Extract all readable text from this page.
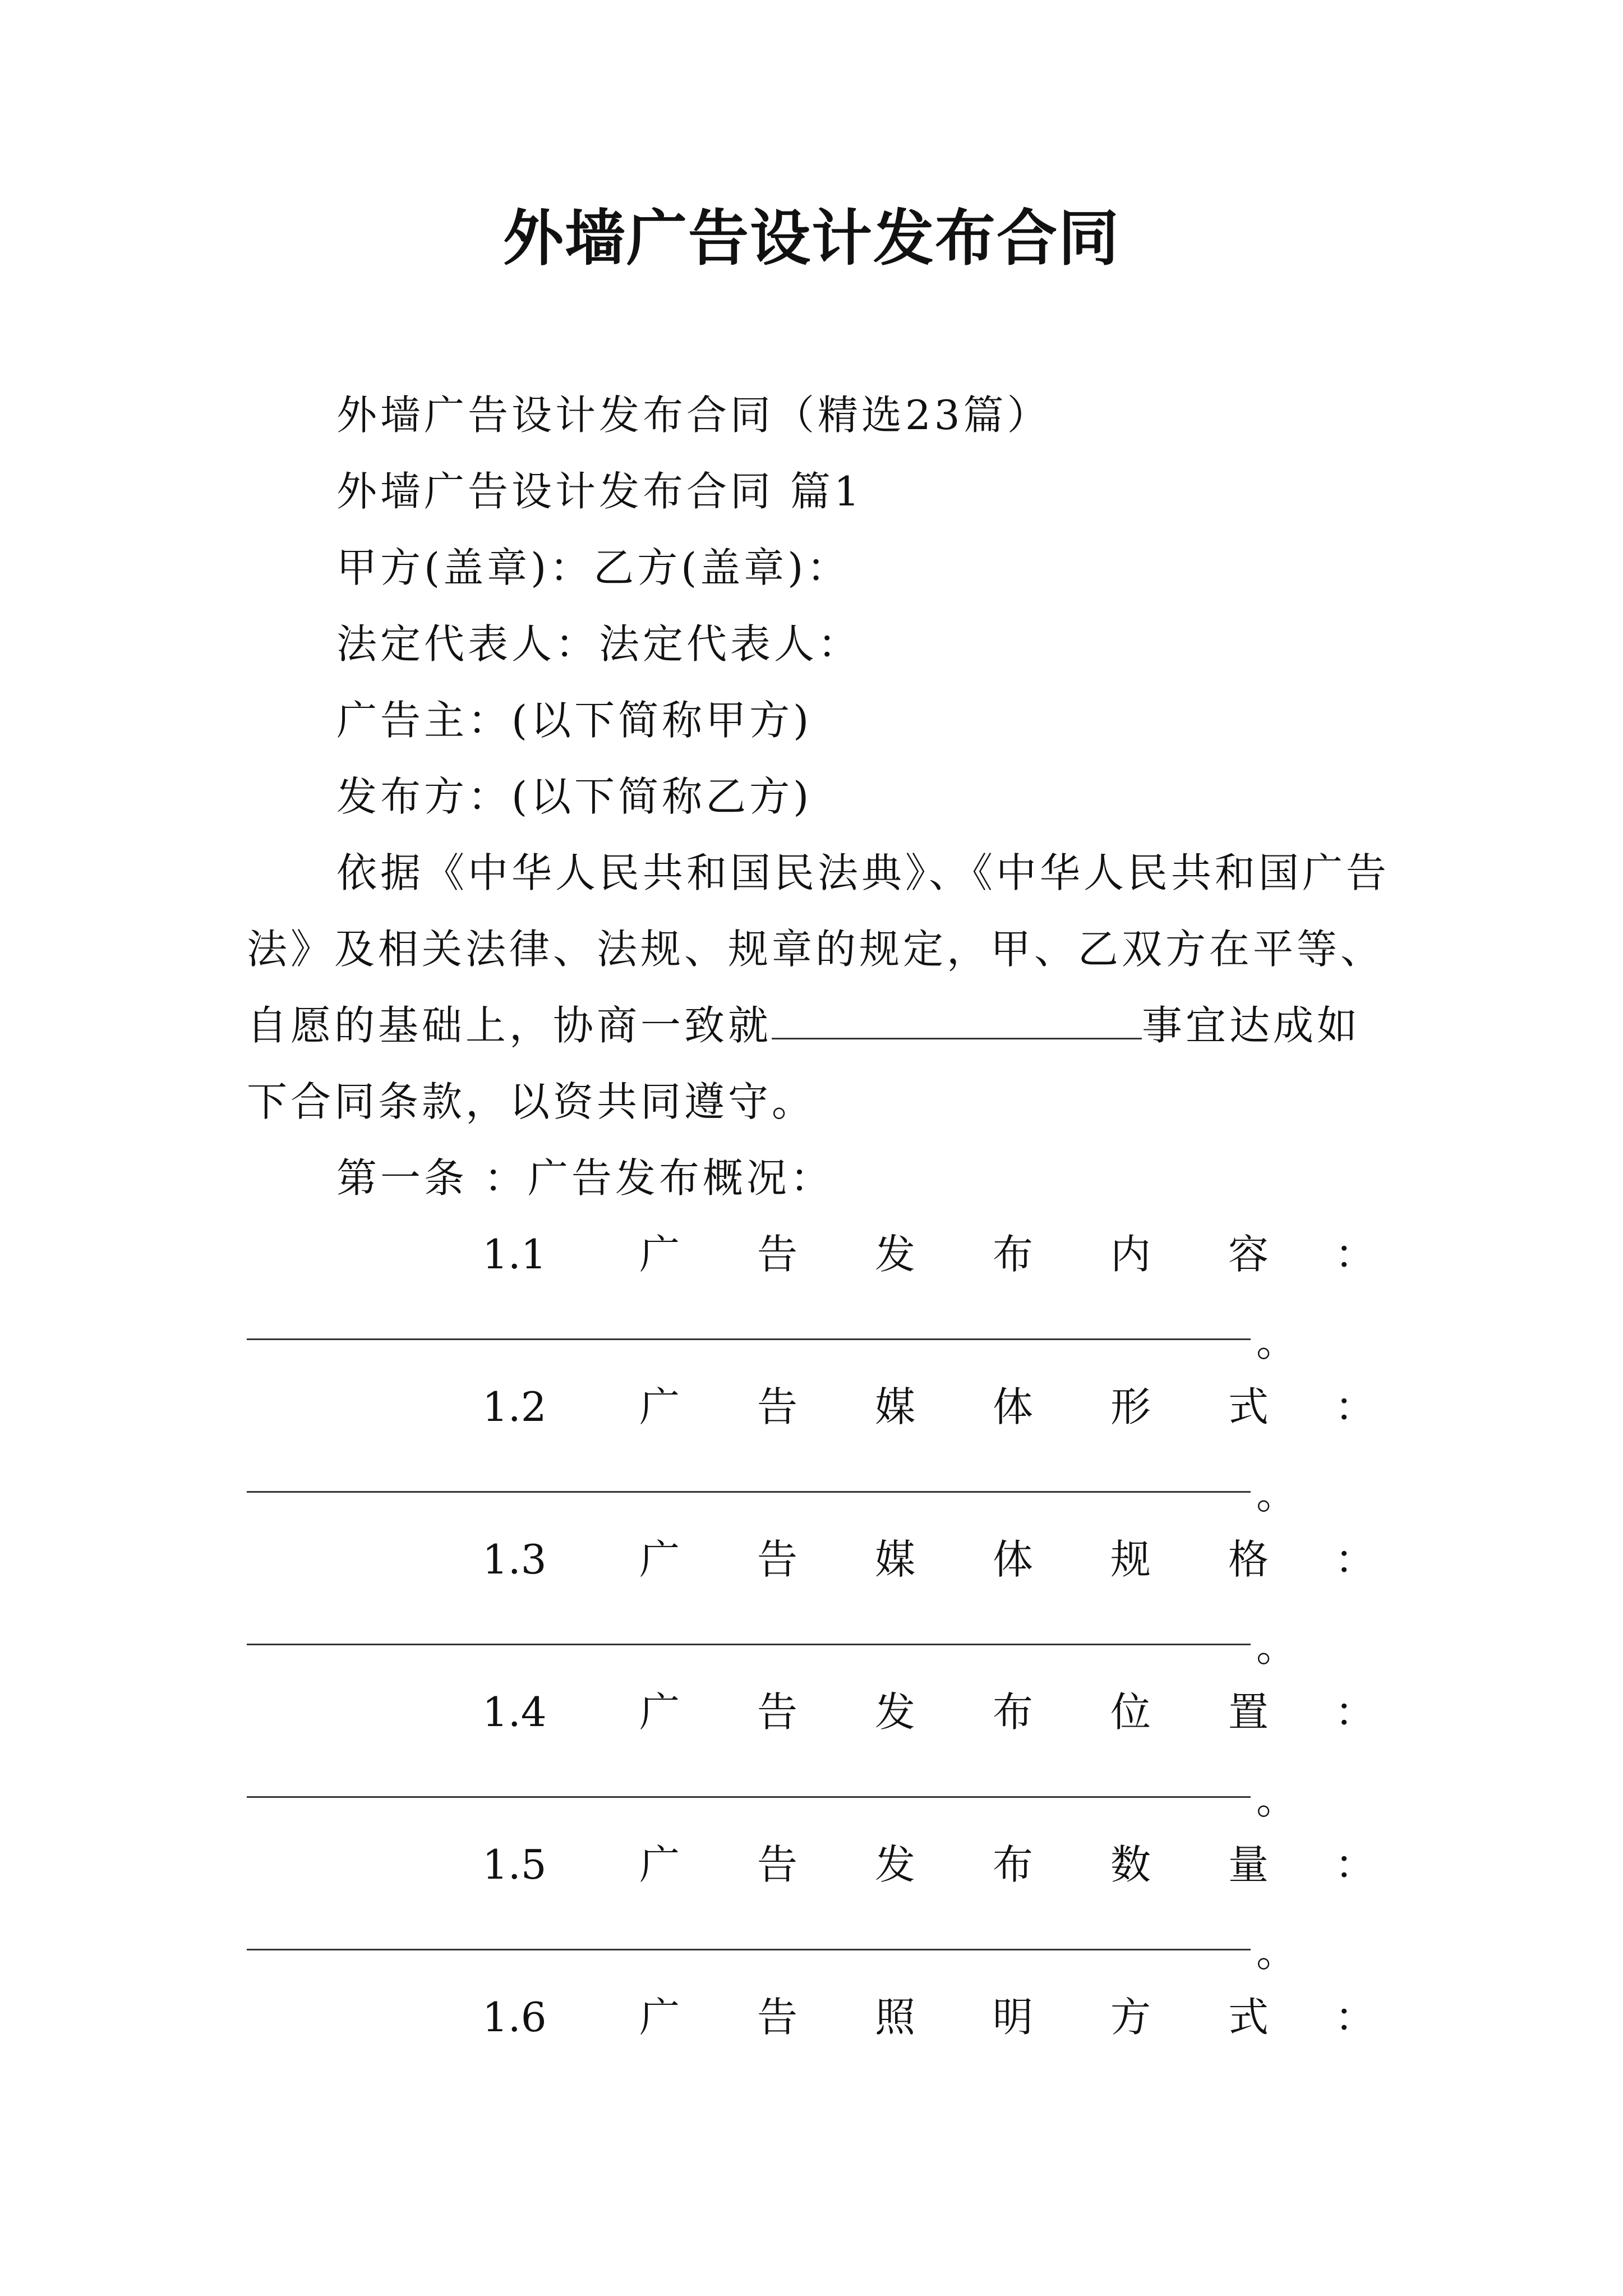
外墙广告设计发布合同
外墙广告设计发布合同（精选23篇）
外墙广告设计发布合同 篇1
甲方(盖章)：乙方(盖章)：
法定代表人：法定代表人：
广告主：(以下简称甲方)
发布方：(以下简称乙方)
依据《中华人民共和国民法典》、《中华人民共和国广告
法》及相关法律、法规、规章的规定，甲、乙双方在平等、
自愿的基础上，协商一致就	事宜达成如
下合同条款，以资共同遵守。
第一条 ：广告发布概况：
1.1 广 告 发 布 内 容 ：
。
1.2 广 告 媒 体 形 式 ：
。
1.3 广 告 媒 体 规 格 ：
。
1.4 广 告 发 布 位 置 ：
。
1.5 广 告 发 布 数 量 ：
。
1.6 广 告 照 明 方 式 ：
